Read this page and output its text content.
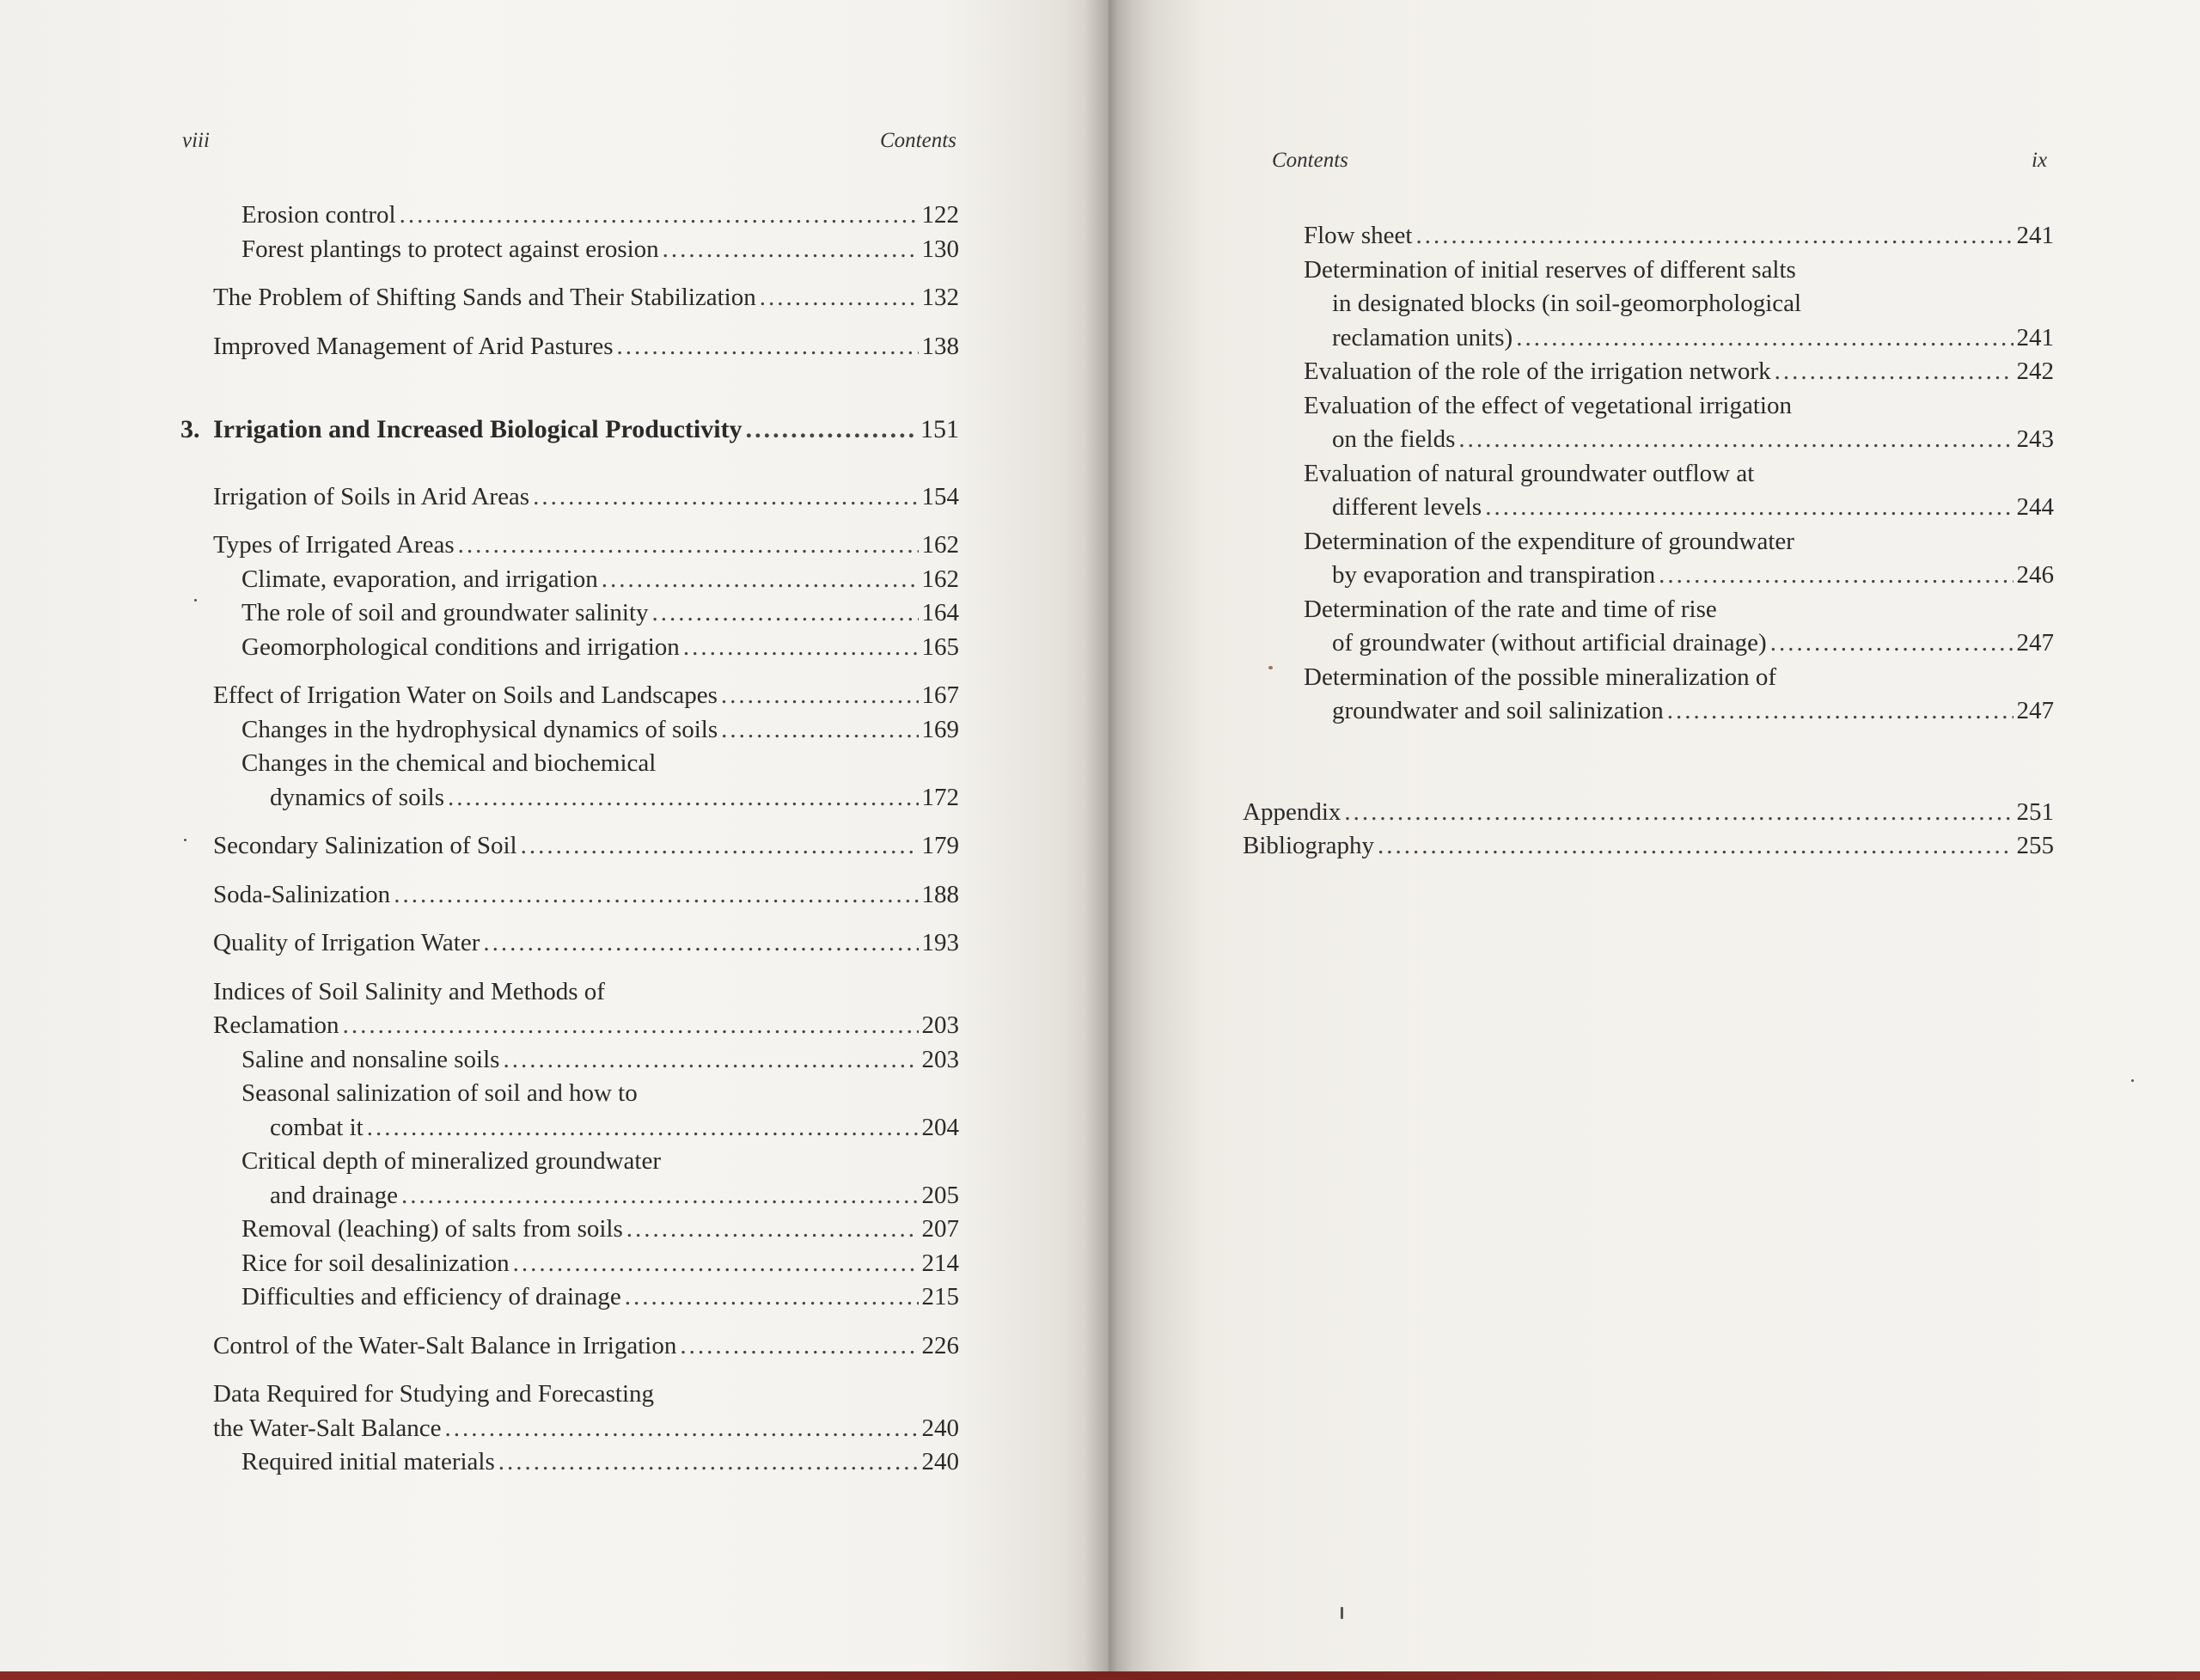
viii	Contents
Contents	ix
Erosion control .....	122
Forest plantings to protect against erosion .....	130
The Problem of Shifting Sands and Their Stabilization .....	132
Improved Management of Arid Pastures .....	138
3. Irrigation and Increased Biological Productivity .....	151
Irrigation of Soils in Arid Areas .....	154
Types of Irrigated Areas .....	162
Climate, evaporation, and irrigation .....	162
The role of soil and groundwater salinity .....	164
Geomorphological conditions and irrigation .....	165
Effect of Irrigation Water on Soils and Landscapes .....	167
Changes in the hydrophysical dynamics of soils .....	169
Changes in the chemical and biochemical
dynamics of soils .....	172
Secondary Salinization of Soil .....	179
Soda-Salinization .....	188
Quality of Irrigation Water .....	193
Indices of Soil Salinity and Methods of
Reclamation .....	203
Saline and nonsaline soils .....	203
Seasonal salinization of soil and how to
combat it .....	204
Critical depth of mineralized groundwater
and drainage .....	205
Removal (leaching) of salts from soils .....	207
Rice for soil desalinization .....	214
Difficulties and efficiency of drainage .....	215
Control of the Water-Salt Balance in Irrigation .....	226
Data Required for Studying and Forecasting
the Water-Salt Balance .....	240
Required initial materials .....	240
Flow sheet .....	241
Determination of initial reserves of different salts
in designated blocks (in soil-geomorphological
reclamation units) .....	241
Evaluation of the role of the irrigation network .....	242
Evaluation of the effect of vegetational irrigation
on the fields .....	243
Evaluation of natural groundwater outflow at
different levels .....	244
Determination of the expenditure of groundwater
by evaporation and transpiration .....	246
Determination of the rate and time of rise
of groundwater (without artificial drainage) .....	247
Determination of the possible mineralization of
groundwater and soil salinization .....	247
Appendix .....	251
Bibliography .....	255
